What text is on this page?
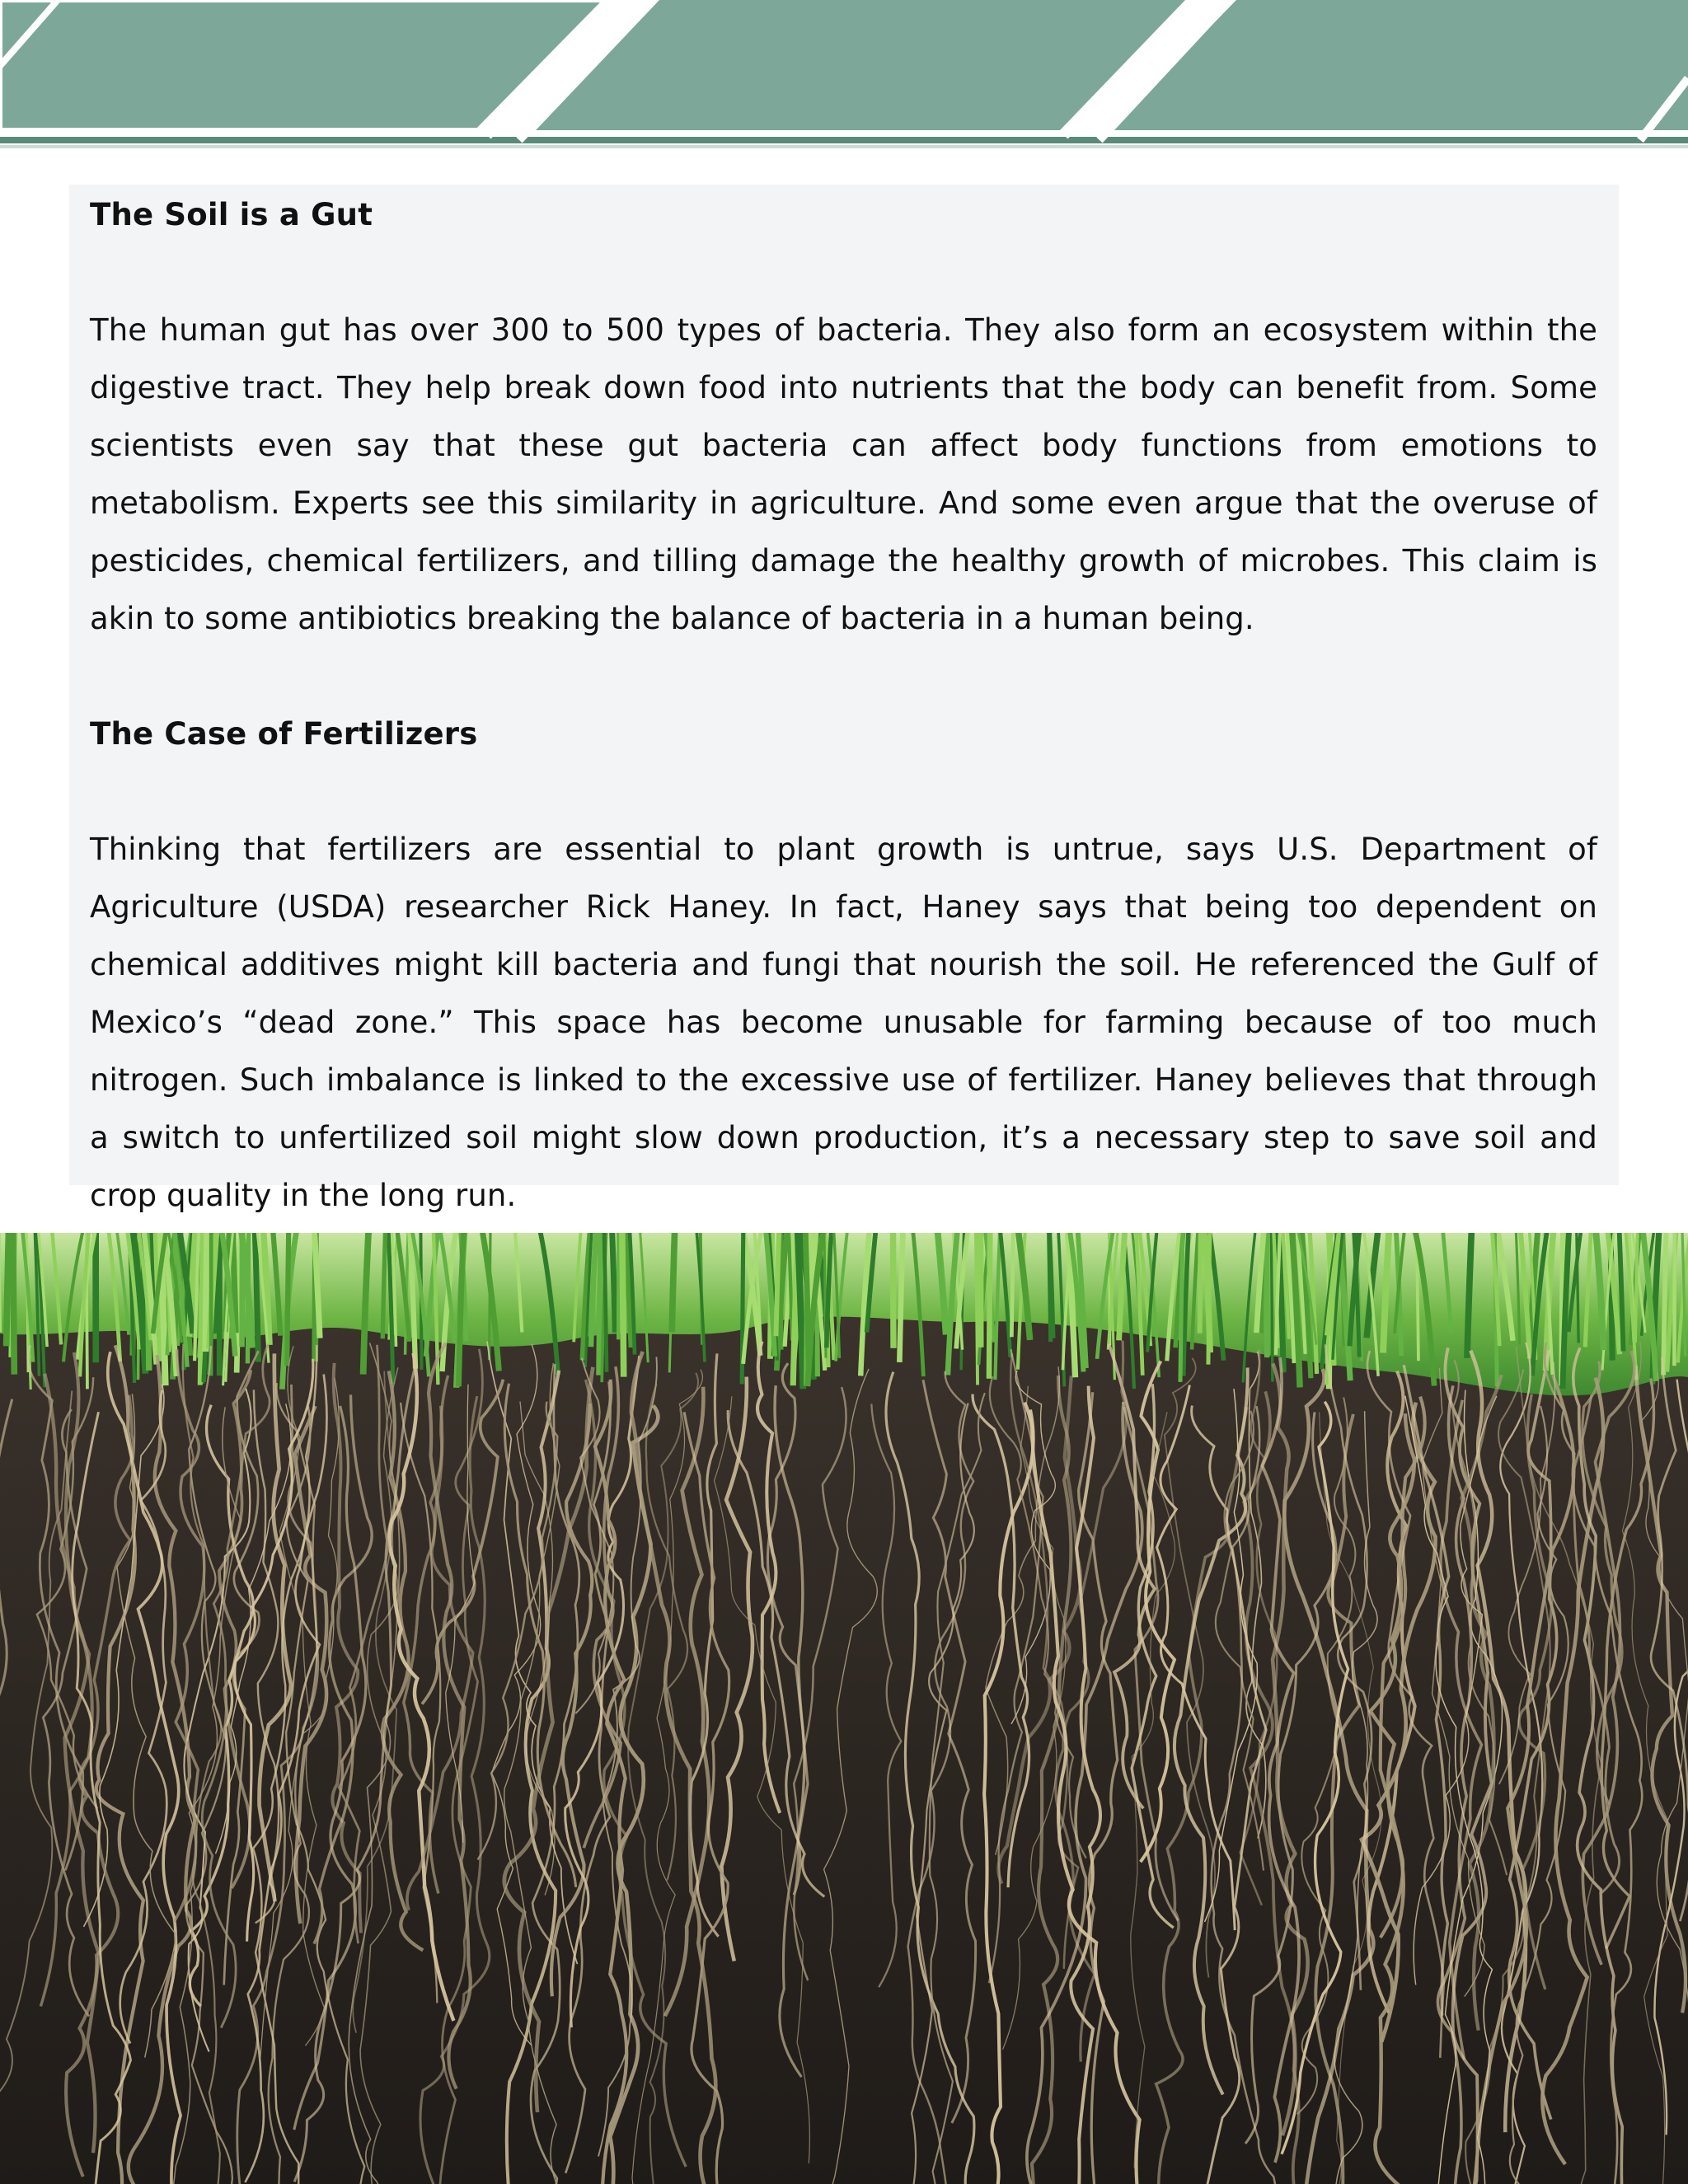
The Soil is a Gut

The human gut has over 300 to 500 types of bacteria. They also form an ecosystem within the digestive tract. They help break down food into nutrients that the body can benefit from. Some scientists even say that these gut bacteria can affect body functions from emotions to metabolism. Experts see this similarity in agriculture. And some even argue that the overuse of pesticides, chemical fertilizers, and tilling damage the healthy growth of microbes. This claim is akin to some antibiotics breaking the balance of bacteria in a human being.

The Case of Fertilizers

Thinking that fertilizers are essential to plant growth is untrue, says U.S. Department of Agriculture (USDA) researcher Rick Haney. In fact, Haney says that being too dependent on chemical additives might kill bacteria and fungi that nourish the soil. He referenced the Gulf of Mexico’s “dead zone.” This space has become unusable for farming because of too much nitrogen. Such imbalance is linked to the excessive use of fertilizer. Haney believes that through a switch to unfertilized soil might slow down production, it’s a necessary step to save soil and crop quality in the long run.
